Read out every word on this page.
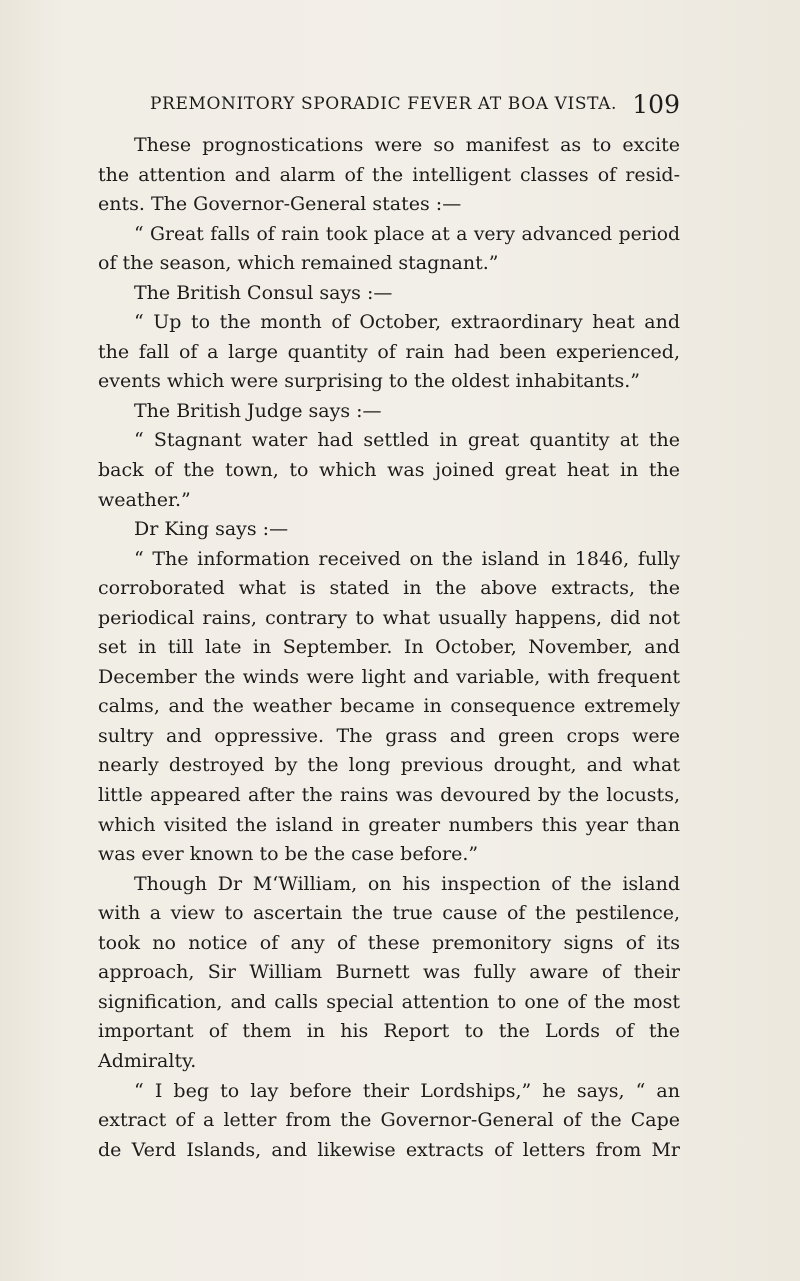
PREMONITORY SPORADIC FEVER AT BOA VISTA. 109
These prognostications were so manifest as to excite
the attention and alarm of the intelligent classes of resid-
ents. The Governor-General states :—
“ Great falls of rain took place at a very advanced period
of the season, which remained stagnant.”
The British Consul says :—
“ Up to the month of October, extraordinary heat and
the fall of a large quantity of rain had been experienced,
events which were surprising to the oldest inhabitants.”
The British Judge says :—
“ Stagnant water had settled in great quantity at the
back of the town, to which was joined great heat in the
weather.”
Dr King says :—
“ The information received on the island in 1846, fully
corroborated what is stated in the above extracts, the
periodical rains, contrary to what usually happens, did not
set in till late in September. In October, November, and
December the winds were light and variable, with frequent
calms, and the weather became in consequence extremely
sultry and oppressive. The grass and green crops were
nearly destroyed by the long previous drought, and what
little appeared after the rains was devoured by the locusts,
which visited the island in greater numbers this year than
was ever known to be the case before.”
Though Dr M‘William, on his inspection of the island
with a view to ascertain the true cause of the pestilence,
took no notice of any of these premonitory signs of its
approach, Sir William Burnett was fully aware of their
signification, and calls special attention to one of the most
important of them in his Report to the Lords of the
Admiralty.
“ I beg to lay before their Lordships,” he says, “ an
extract of a letter from the Governor-General of the Cape
de Verd Islands, and likewise extracts of letters from Mr
